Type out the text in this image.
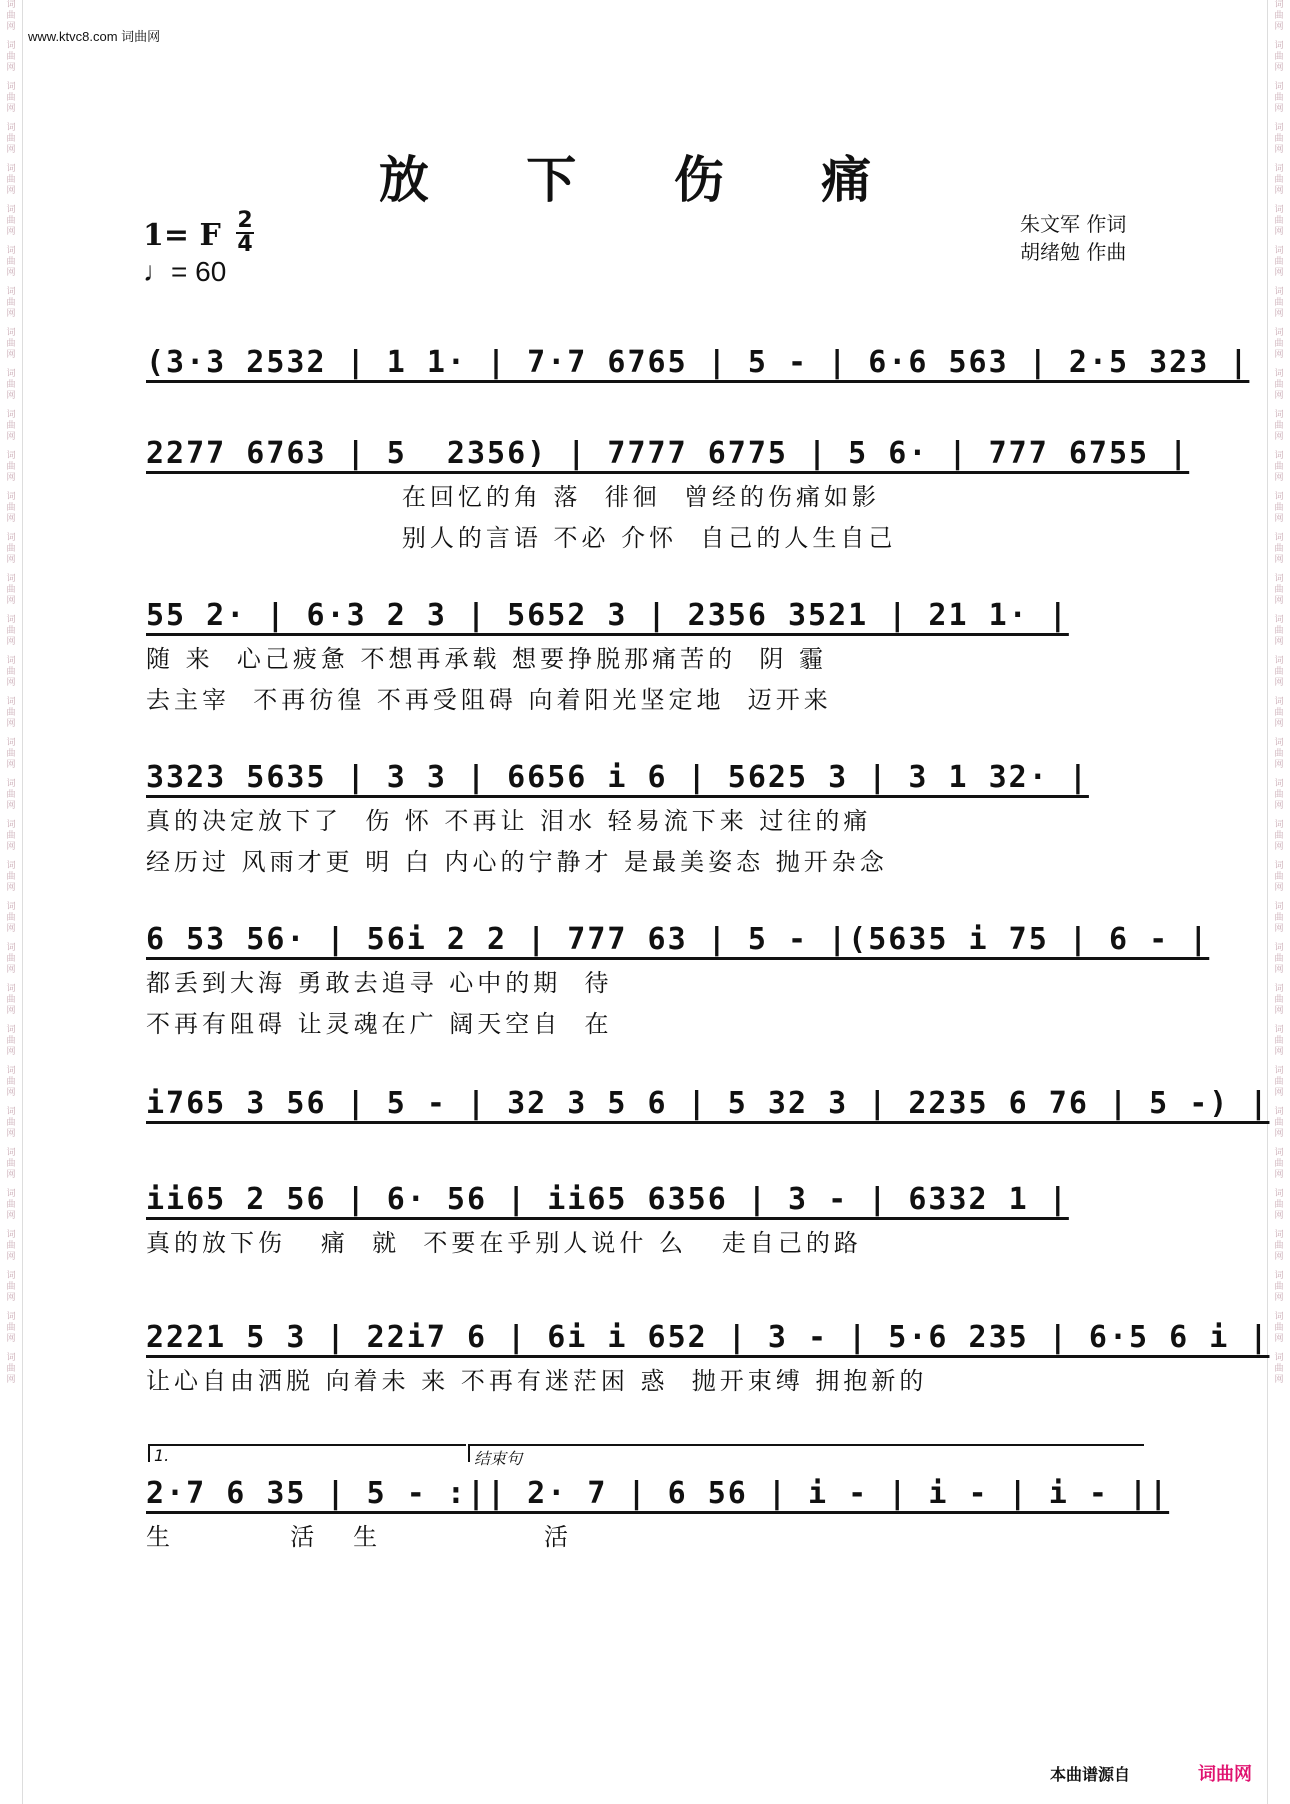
词
曲
网
词
曲
网
词
曲
网
词
曲
网
词
曲
网
词
曲
网
词
曲
网
词
曲
网
词
曲
网
词
曲
网
词
曲
网
词
曲
网
词
曲
网
词
曲
网
词
曲
网
词
曲
网
词
曲
网
词
曲
网
词
曲
网
词
曲
网
词
曲
网
词
曲
网
词
曲
网
词
曲
网
词
曲
网
词
曲
网
词
曲
网
词
曲
网
词
曲
网
词
曲
网
词
曲
网
词
曲
网
词
曲
网
词
曲
网
词
曲
网
词
曲
网
词
曲
网
词
曲
网
词
曲
网
词
曲
网
词
曲
网
词
曲
网
词
曲
网
词
曲
网
词
曲
网
词
曲
网
词
曲
网
词
曲
网
词
曲
网
词
曲
网
词
曲
网
词
曲
网
词
曲
网
词
曲
网
词
曲
网
词
曲
网
词
曲
网
词
曲
网
词
曲
网
词
曲
网
词
曲
网
词
曲
网
词
曲
网
词
曲
网
词
曲
网
词
曲
网
词
曲
网
词
曲
网
www.ktvc8.com 词曲网
放 下 伤 痛
1= F 2
4
♩= 60
朱文军 作词
胡绪勉 作曲
(3·3 2532 | 1 1· | 7·7 6765 | 5 - | 6·6 563 | 2·5 323 |
2277 6763 | 5  2356) | 7777 6775 | 5 6· | 777 6755 |
在回忆的角 落  徘徊  曾经的伤痛如影
别人的言语 不必 介怀  自己的人生自己
55 2· | 6·3 2 3 | 5652 3 | 2356 3521 | 21 1· |
随 来  心己疲惫 不想再承载 想要挣脱那痛苦的  阴 霾
去主宰  不再彷徨 不再受阻碍 向着阳光坚定地  迈开来
3323 5635 | 3 3 | 6656 i 6 | 5625 3 | 3 1 32· |
真的决定放下了  伤 怀 不再让 泪水 轻易流下来 过往的痛
经历过 风雨才更 明 白 内心的宁静才 是最美姿态 抛开杂念
6 53 56· | 56i 2 2 | 777 63 | 5 - |(5635 i 75 | 6 - |
都丢到大海 勇敢去追寻 心中的期  待
不再有阻碍 让灵魂在广 阔天空自  在
i765 3 56 | 5 - | 32 3 5 6 | 5 32 3 | 2235 6 76 | 5 -) |
ii65 2 56 | 6· 56 | ii65 6356 | 3 - | 6332 1 |
真的放下伤   痛  就  不要在乎别人说什 么   走自己的路
2221 5 3 | 22i7 6 | 6i i 652 | 3 - | 5·6 235 | 6·5 6 i |
让心自由洒脱 向着未 来 不再有迷茫困 惑  抛开束缚 拥抱新的
2·7 6 35 | 5 - :|| 2· 7 | 6 56 | i - | i - | i - ||
生          活   生              活
1.	结束句
本曲谱源自	词曲网
